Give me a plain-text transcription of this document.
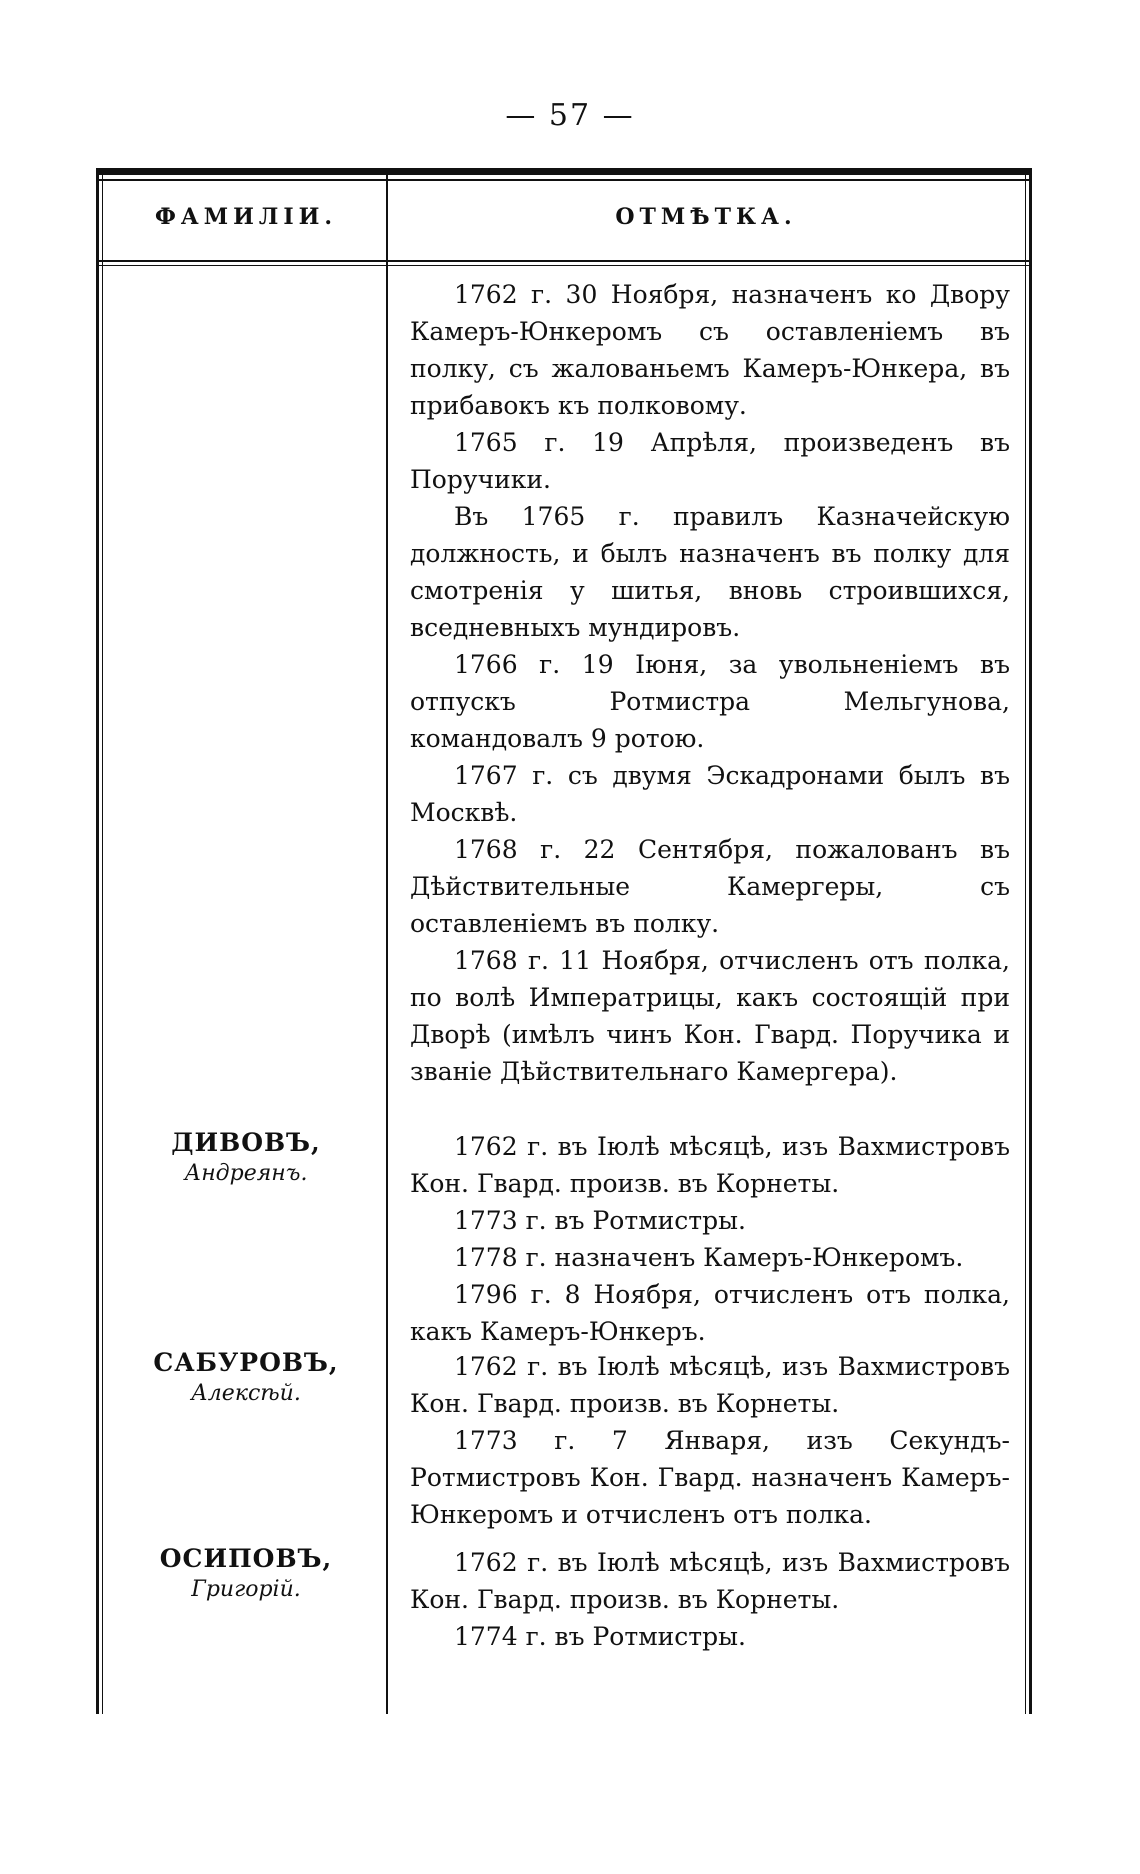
— 57 —
ФАМИЛІИ.	ОТМѢТКА.

1762 г. 30 Ноября, назначенъ ко Двору Камеръ-Юнкеромъ съ оставленіемъ въ полку, съ жалованьемъ Камеръ-Юнкера, въ прибавокъ къ полковому.

1765 г. 19 Апрѣля, произведенъ въ Поручики.

Въ 1765 г. правилъ Казначейскую должность, и былъ назначенъ въ полку для смотренія у шитья, вновь строившихся, вседневныхъ мундировъ.

1766 г. 19 Іюня, за увольненіемъ въ отпускъ Ротмистра Мельгунова, командовалъ 9 ротою.

1767 г. съ двумя Эскадронами былъ въ Москвѣ.

1768 г. 22 Сентября, пожалованъ въ Дѣйствительные Камергеры, съ оставленіемъ въ полку.

1768 г. 11 Ноября, отчисленъ отъ полка, по волѣ Императрицы, какъ состоящій при Дворѣ (имѣлъ чинъ Кон. Гвард. Поручика и званіе Дѣйствительнаго Камергера).

ДИВОВЪ,
Андреянъ.

1762 г. въ Іюлѣ мѣсяцѣ, изъ Вахмистровъ Кон. Гвард. произв. въ Корнеты.

1773 г. въ Ротмистры.

1778 г. назначенъ Камеръ-Юнкеромъ.

1796 г. 8 Ноября, отчисленъ отъ полка, какъ Камеръ-Юнкеръ.

САБУРОВЪ,
Алексѣй.

1762 г. въ Іюлѣ мѣсяцѣ, изъ Вахмистровъ Кон. Гвард. произв. въ Корнеты.

1773 г. 7 Января, изъ Секундъ-Ротмистровъ Кон. Гвард. назначенъ Камеръ-Юнкеромъ и отчисленъ отъ полка.

ОСИПОВЪ,
Григорій.

1762 г. въ Іюлѣ мѣсяцѣ, изъ Вахмистровъ Кон. Гвард. произв. въ Корнеты.

1774 г. въ Ротмистры.
